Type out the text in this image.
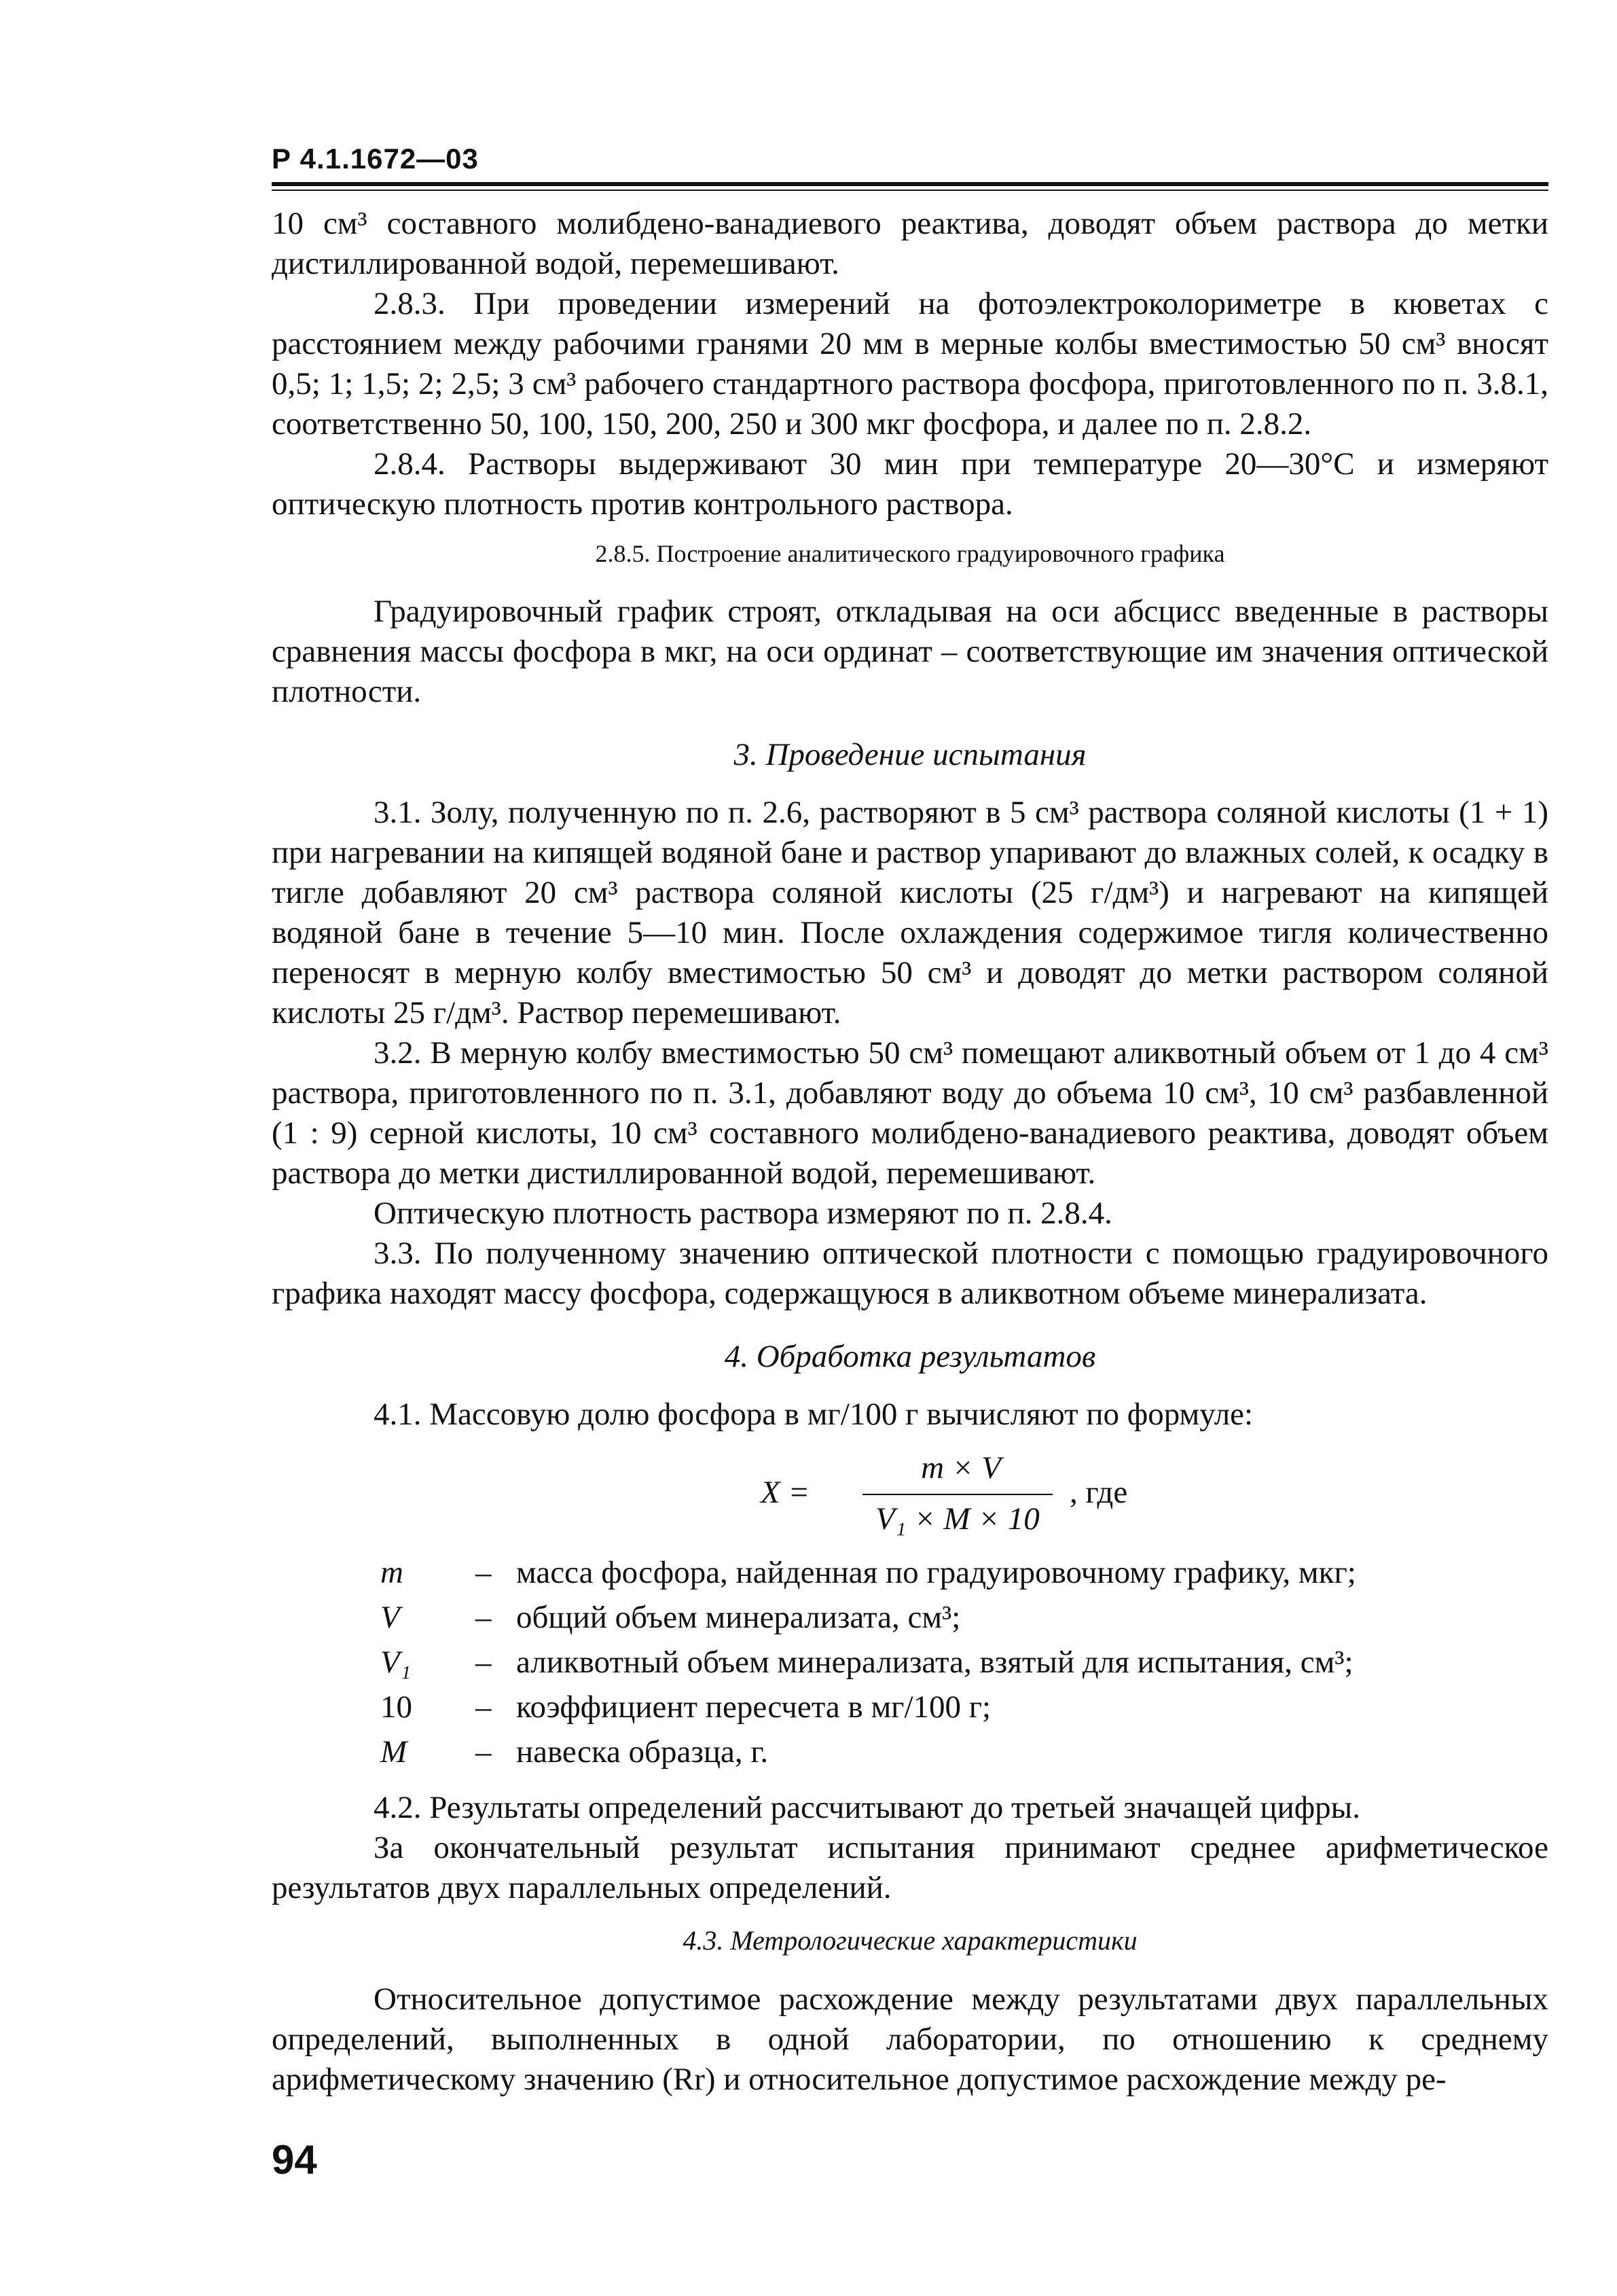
Р 4.1.1672—03

10 см³ составного молибдено-ванадиевого реактива, доводят объем раствора до метки дистиллированной водой, перемешивают.

2.8.3. При проведении измерений на фотоэлектроколориметре в кюветах с расстоянием между рабочими гранями 20 мм в мерные колбы вместимостью 50 см³ вносят 0,5; 1; 1,5; 2; 2,5; 3 см³ рабочего стандартного раствора фосфора, приготовленного по п. 3.8.1, соответственно 50, 100, 150, 200, 250 и 300 мкг фосфора, и далее по п. 2.8.2.

2.8.4. Растворы выдерживают 30 мин при температуре 20—30°С и измеряют оптическую плотность против контрольного раствора.

2.8.5. Построение аналитического градуировочного графика

Градуировочный график строят, откладывая на оси абсцисс введенные в растворы сравнения массы фосфора в мкг, на оси ординат – соответствующие им значения оптической плотности.

3. Проведение испытания

3.1. Золу, полученную по п. 2.6, растворяют в 5 см³ раствора соляной кислоты (1 + 1) при нагревании на кипящей водяной бане и раствор упаривают до влажных солей, к осадку в тигле добавляют 20 см³ раствора соляной кислоты (25 г/дм³) и нагревают на кипящей водяной бане в течение 5—10 мин. После охлаждения содержимое тигля количественно переносят в мерную колбу вместимостью 50 см³ и доводят до метки раствором соляной кислоты 25 г/дм³. Раствор перемешивают.

3.2. В мерную колбу вместимостью 50 см³ помещают аликвотный объем от 1 до 4 см³ раствора, приготовленного по п. 3.1, добавляют воду до объема 10 см³, 10 см³ разбавленной (1 : 9) серной кислоты, 10 см³ составного молибдено-ванадиевого реактива, доводят объем раствора до метки дистиллированной водой, перемешивают.

Оптическую плотность раствора измеряют по п. 2.8.4.

3.3. По полученному значению оптической плотности с помощью градуировочного графика находят массу фосфора, содержащуюся в аликвотном объеме минерализата.

4. Обработка результатов

4.1. Массовую долю фосфора в мг/100 г вычисляют по формуле:

X =
m × V
V₁ × M × 10
, где
m	– масса фосфора, найденная по градуировочному графику, мкг;
V	– общий объем минерализата, см³;
V₁	– аликвотный объем минерализата, взятый для испытания, см³;
10	– коэффициент пересчета в мг/100 г;
M	– навеска образца, г.

4.2. Результаты определений рассчитывают до третьей значащей цифры.

За окончательный результат испытания принимают среднее арифметическое результатов двух параллельных определений.

4.3. Метрологические характеристики

Относительное допустимое расхождение между результатами двух параллельных определений, выполненных в одной лаборатории, по отношению к среднему арифметическому значению (Rr) и относительное допустимое расхождение между ре-

94
